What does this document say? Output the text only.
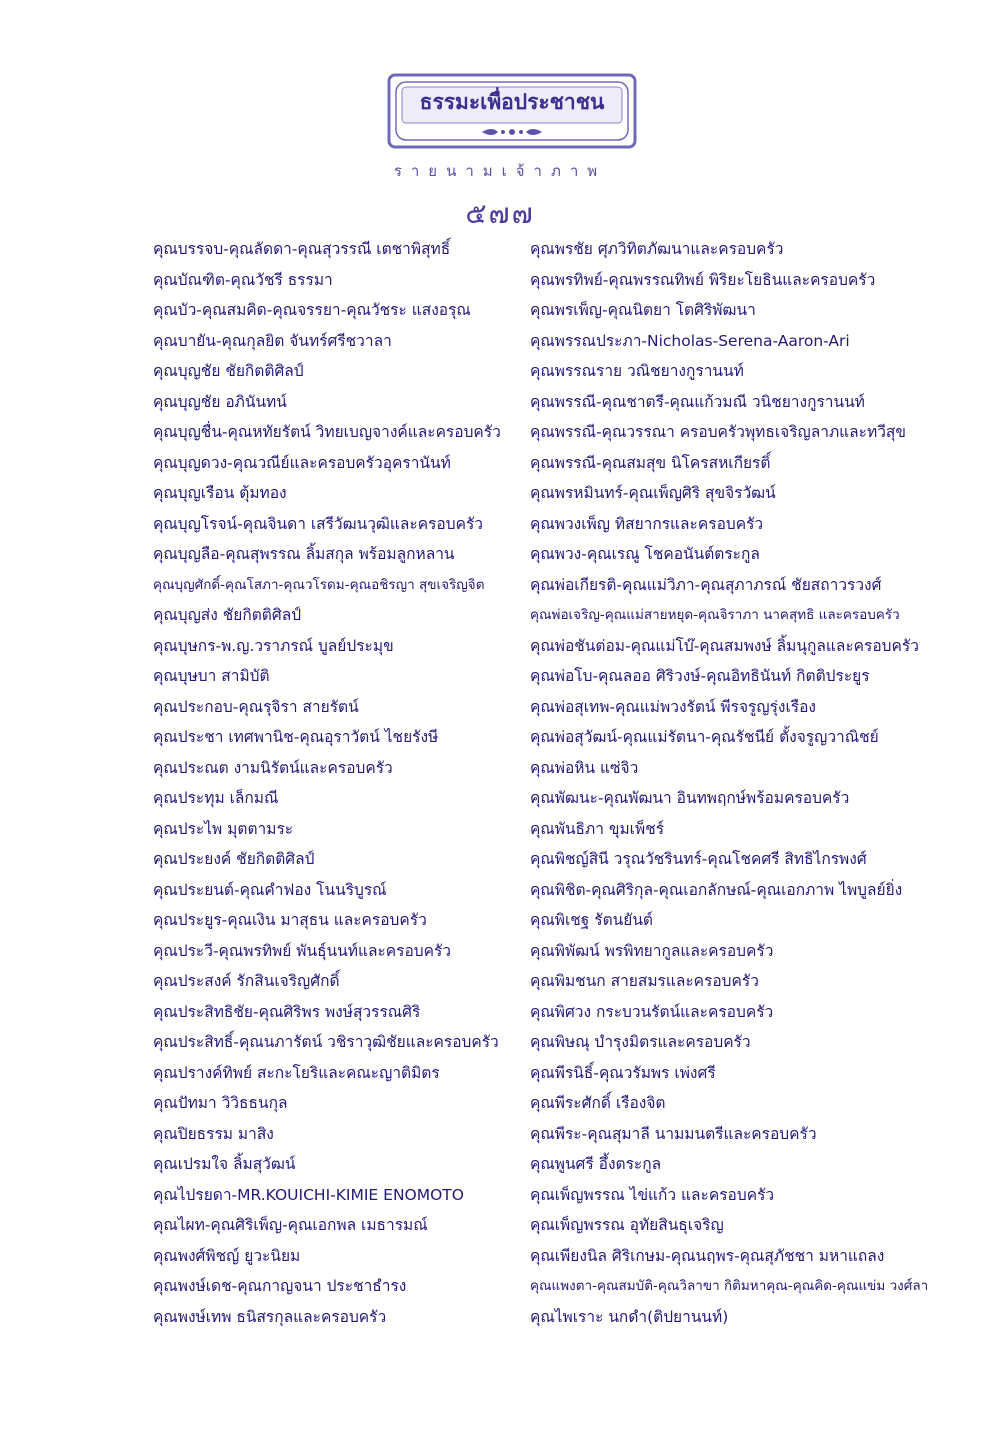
ธรรมะเพื่อประชาชน
รายนามเจ้าภาพ
๕๗๗
คุณบรรจบ-คุณลัดดา-คุณสุวรรณี เตชาพิสุทธิ์
คุณบัณฑิต-คุณวัชรี ธรรมา
คุณบัว-คุณสมคิด-คุณจรรยา-คุณวัชระ แสงอรุณ
คุณบายัน-คุณกุลยิต จันทร์ศรีชวาลา
คุณบุญชัย ชัยกิตติศิลป์
คุณบุญชัย อภินันทน์
คุณบุญชื่น-คุณหทัยรัตน์ วิทยเบญจางค์และครอบครัว
คุณบุญดวง-คุณวณีย์และครอบครัวอุครานันท์
คุณบุญเรือน ตุ้มทอง
คุณบุญโรจน์-คุณจินดา เสรีวัฒนวุฒิและครอบครัว
คุณบุญลือ-คุณสุพรรณ ลิ้มสกุล พร้อมลูกหลาน
คุณบุญศักดิ์-คุณโสภา-คุณวโรดม-คุณอชิรญา สุขเจริญจิต
คุณบุญส่ง ชัยกิตติศิลป์
คุณบุษกร-พ.ญ.วราภรณ์ บูลย์ประมุข
คุณบุษบา สามิบัติ
คุณประกอบ-คุณรุจิรา สายรัตน์
คุณประชา เทศพานิช-คุณอุราวัตน์ ไชยรังษี
คุณประณต งามนิรัตน์และครอบครัว
คุณประทุม เล็กมณี
คุณประไพ มุตตามระ
คุณประยงค์ ชัยกิตติศิลป์
คุณประยนต์-คุณคำฟอง โนนริบูรณ์
คุณประยูร-คุณเงิน มาสุธน และครอบครัว
คุณประวี-คุณพรทิพย์ พันธุ์นนท์และครอบครัว
คุณประสงค์ รักสินเจริญศักดิ์
คุณประสิทธิชัย-คุณศิริพร พงษ์สุวรรณศิริ
คุณประสิทธิ์-คุณนภารัตน์ วชิราวุฒิชัยและครอบครัว
คุณปรางค์ทิพย์ สะกะโยริและคณะญาติมิตร
คุณปัทมา วิวิธธนกุล
คุณปิยธรรม มาสิง
คุณเปรมใจ ลิ้มสุวัฒน์
คุณไปรยดา-MR.KOUICHI-KIMIE ENOMOTO
คุณไผท-คุณศิริเพ็ญ-คุณเอกพล เมธารมณ์
คุณพงศ์พิชญ์ ยูวะนิยม
คุณพงษ์เดช-คุณกาญจนา ประชาธำรง
คุณพงษ์เทพ ธนิสรกุลและครอบครัว
คุณพรชัย ศุภวิทิตภัฒนาและครอบครัว
คุณพรทิพย์-คุณพรรณทิพย์ พิริยะโยธินและครอบครัว
คุณพรเพ็ญ-คุณนิตยา โตศิริพัฒนา
คุณพรรณประภา-Nicholas-Serena-Aaron-Ari
คุณพรรณราย วณิชยางกูรานนท์
คุณพรรณี-คุณชาตรี-คุณแก้วมณี วนิชยางกูรานนท์
คุณพรรณี-คุณวรรณา ครอบครัวพุทธเจริญลาภและทวีสุข
คุณพรรณี-คุณสมสุข นิโครสหเกียรติ์
คุณพรหมินทร์-คุณเพ็ญศิริ สุขจิรวัฒน์
คุณพวงเพ็ญ ทิสยากรและครอบครัว
คุณพวง-คุณเรณู โชคอนันต์ตระกูล
คุณพ่อเกียรติ-คุณแม่วิภา-คุณสุภาภรณ์ ชัยสถาวรวงศ์
คุณพ่อเจริญ-คุณแม่สายหยุด-คุณจิราภา นาคสุทธิ และครอบครัว
คุณพ่อชันต่อม-คุณแม่โบ๊-คุณสมพงษ์ ลิ้มนุกูลและครอบครัว
คุณพ่อโบ-คุณลออ ศิริวงษ์-คุณอิทธินันท์ กิตติประยูร
คุณพ่อสุเทพ-คุณแม่พวงรัตน์ พีรจรูญรุ่งเรือง
คุณพ่อสุวัฒน์-คุณแม่รัตนา-คุณรัชนีย์ ตั้งจรูญวาณิชย์
คุณพ่อหิน แซ่จิว
คุณพัฒนะ-คุณพัฒนา อินทพฤกษ์พร้อมครอบครัว
คุณพันธิภา ขุมเพ็ชร์
คุณพิชญ์สินี วรุณวัชรินทร์-คุณโชคศรี สิทธิไกรพงศ์
คุณพิชิต-คุณศิริกุล-คุณเอกลักษณ์-คุณเอกภาพ ไพบูลย์ยิ่ง
คุณพิเชฐ รัตนยันต์
คุณพิพัฒน์ พรพิทยากูลและครอบครัว
คุณพิมชนก สายสมรและครอบครัว
คุณพิศวง กระบวนรัตน์และครอบครัว
คุณพิษณุ บำรุงมิตรและครอบครัว
คุณพีรนิธิ์-คุณวรัมพร เพ่งศรี
คุณพีระศักดิ์ เรืองจิต
คุณพีระ-คุณสุมาลี นามมนตรีและครอบครัว
คุณพูนศรี อึ้งตระกูล
คุณเพ็ญพรรณ ไข่แก้ว และครอบครัว
คุณเพ็ญพรรณ อุทัยสินธุเจริญ
คุณเพียงนิล ศิริเกษม-คุณนฤพร-คุณสุภัชชา มหาแถลง
คุณแพงตา-คุณสมบัติ-คุณวิลาขา กิติมหาคุณ-คุณคิด-คุณแข่ม วงศ์ลา
คุณไพเราะ นกดำ(ติปยานนท์)
